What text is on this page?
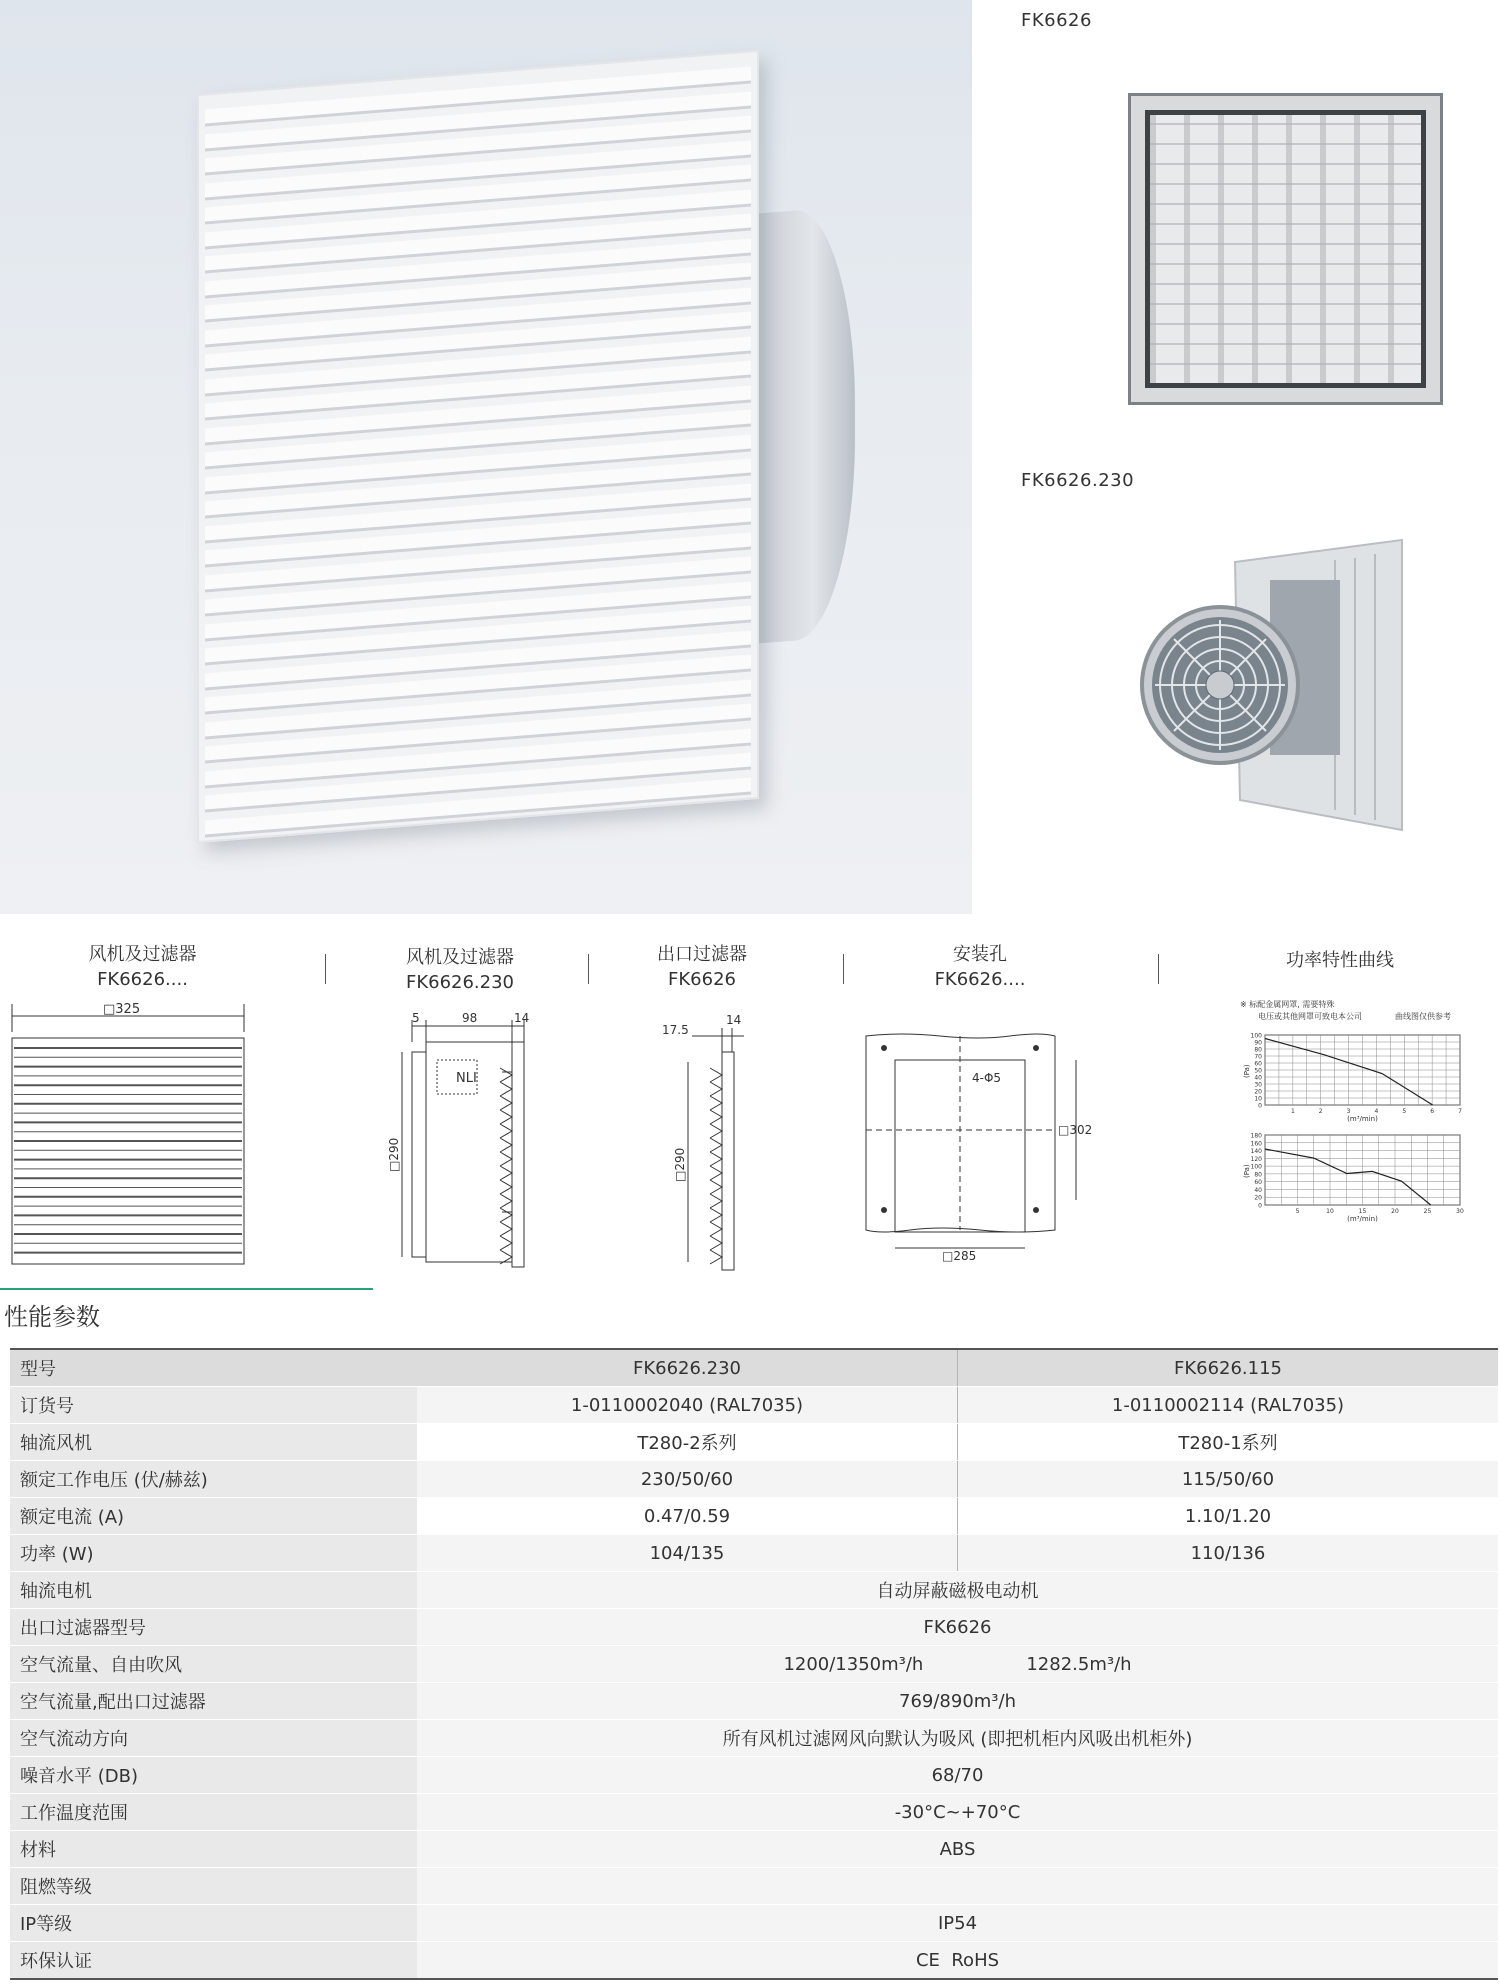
FK6626
FK6626.230
风机及过滤器
FK6626....
风机及过滤器
FK6626.230
出口过滤器
FK6626
安装孔
FK6626....
功率特性曲线
□325
5	98	14
NLI
□290
17.5
14
□290
4-Φ5
□302
□285
※ 标配金属网罩, 需要特殊
电压或其他网罩可致电本公司	曲线图仅供参考
100
90
80
70
60
50
40
30
20
10
0
1	2	3	4	5	6	7
(Pa)
(m³/min)
180
160
140
120
100
80
60
40
20
0
5	10	15	20	25	30
(Pa)
(m³/min)
性能参数
型号	FK6626.230	FK6626.115
订货号	1-0110002040 (RAL7035)	1-0110002114 (RAL7035)
轴流风机	T280-2系列	T280-1系列
额定工作电压 (伏/赫兹)	230/50/60	115/50/60
额定电流 (A)	0.47/0.59	1.10/1.20
功率 (W)	104/135	110/136
轴流电机	自动屏蔽磁极电动机	
出口过滤器型号	FK6626	
空气流量、自由吹风	1200/1350m³/h                  1282.5m³/h	
空气流量,配出口过滤器	769/890m³/h	
空气流动方向	所有风机过滤网风向默认为吸风 (即把机柜内风吸出机柜外)	
噪音水平 (DB)	68/70	
工作温度范围	-30°C~+70°C	
材料	ABS	
阻燃等级		
IP等级	IP54	
环保认证	CE  RoHS	
